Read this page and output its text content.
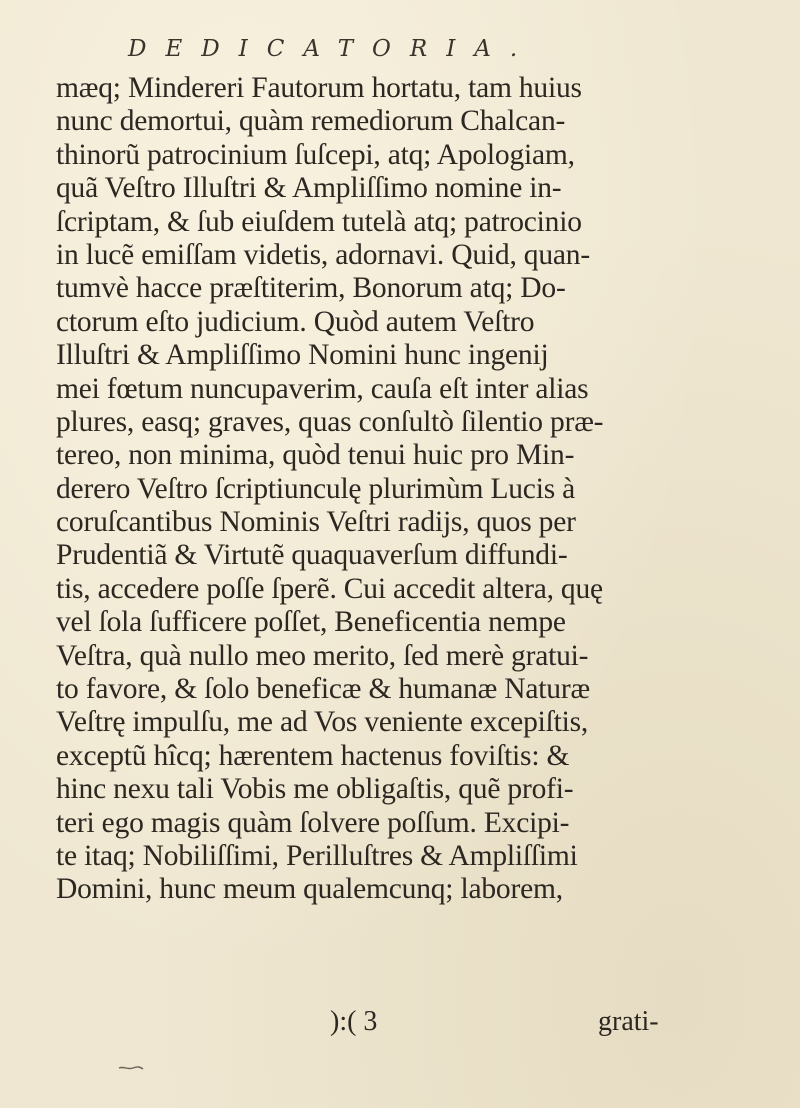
DEDICATORIA.
mæq; Mindereri Fautorum hortatu, tam huius
nunc demortui, quàm remediorum Chalcan-
thinorũ patrocinium ſuſcepi, atq; Apologiam,
quã Veſtro Illuſtri & Ampliſſimo nomine in-
ſcriptam, & ſub eiuſdem tutelà atq; patrocinio
in lucẽ emiſſam videtis, adornavi. Quid, quan-
tumvè hacce præſtiterim, Bonorum atq; Do-
ctorum eſto judicium. Quòd autem Veſtro
Illuſtri & Ampliſſimo Nomini hunc ingenij
mei fœtum nuncupaverim, cauſa eſt inter alias
plures, easq; graves, quas conſultò ſilentio præ-
tereo, non minima, quòd tenui huic pro Min-
derero Veſtro ſcriptiunculę plurimùm Lucis à
coruſcantibus Nominis Veſtri radijs, quos per
Prudentiã & Virtutẽ quaquaverſum diffundi-
tis, accedere poſſe ſperẽ. Cui accedit altera, quę
vel ſola ſufficere poſſet, Beneficentia nempe
Veſtra, quà nullo meo merito, ſed merè gratui-
to favore, & ſolo beneficæ & humanæ Naturæ
Veſtrę impulſu, me ad Vos veniente excepiſtis,
exceptũ hîcq; hærentem hactenus foviſtis: &
hinc nexu tali Vobis me obligaſtis, quẽ profi-
teri ego magis quàm ſolvere poſſum. Excipi-
te itaq; Nobiliſſimi, Perilluſtres & Ampliſſimi
Domini, hunc meum qualemcunq; laborem,
):( 3	grati-
